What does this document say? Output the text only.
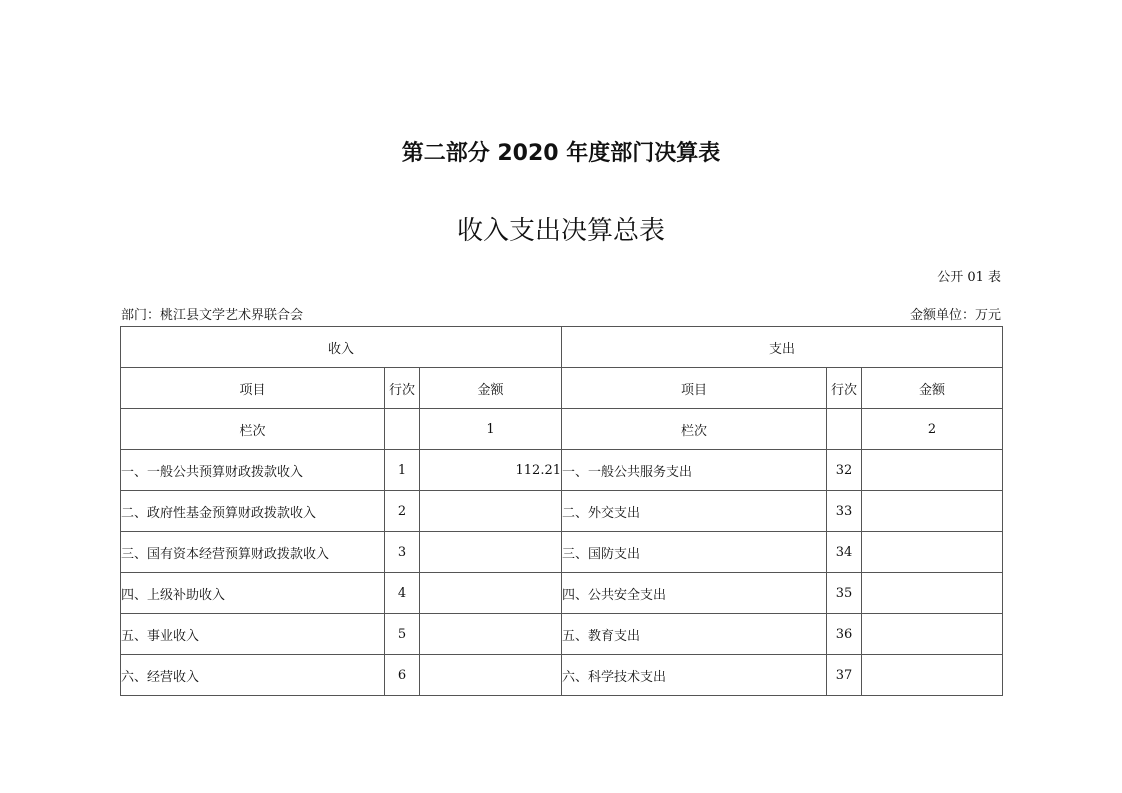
第二部分 2020 年度部门决算表
收入支出决算总表
公开 01 表
部门：桃江县文学艺术界联合会	金额单位：万元
收入			支出		
项目	行次	金额	项目	行次	金额
栏次		1	栏次		2
一、一般公共预算财政拨款收入	1	112.21	一、一般公共服务支出	32	
二、政府性基金预算财政拨款收入	2		二、外交支出	33	
三、国有资本经营预算财政拨款收入	3		三、国防支出	34	
四、上级补助收入	4		四、公共安全支出	35	
五、事业收入	5		五、教育支出	36	
六、经营收入	6		六、科学技术支出	37	
